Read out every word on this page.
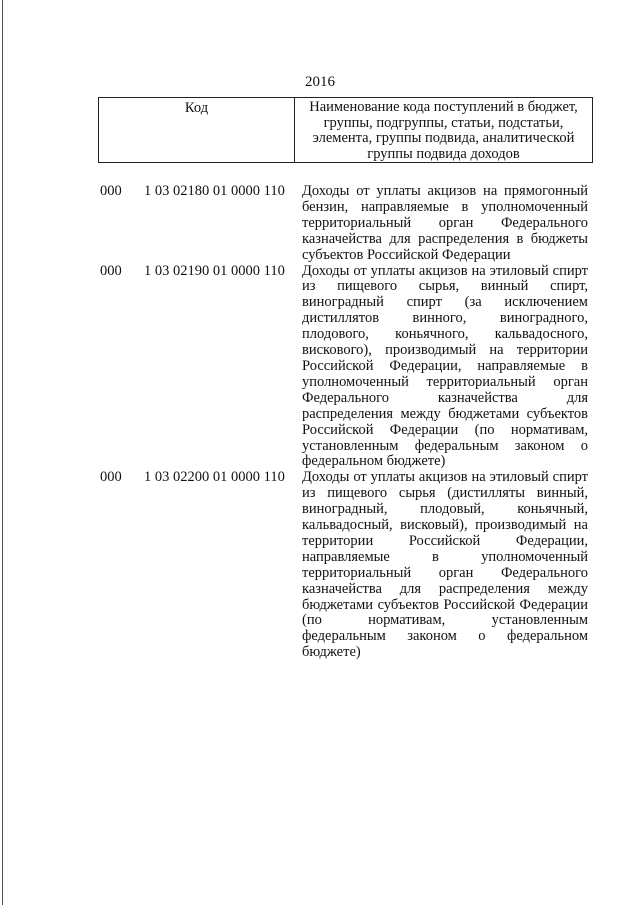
2016
Код	Наименование кода поступлений в бюджет, группы, подгруппы, статьи, подстатьи, элемента, группы подвида, аналитической группы подвида доходов
000	1 03 02180 01 0000 110	Доходы от уплаты акцизов на прямогонный бензин, направляемые в уполномоченный территориальный орган Федерального казначейства для распределения в бюджеты субъектов Российской Федерации
000	1 03 02190 01 0000 110	Доходы от уплаты акцизов на этиловый спирт из пищевого сырья, винный спирт, виноградный спирт (за исключением дистиллятов винного, виноградного, плодового, коньячного, кальвадосного, вискового), производимый на территории Российской Федерации, направляемые в уполномоченный территориальный орган Федерального казначейства для распределения между бюджетами субъектов Российской Федерации (по нормативам, установленным федеральным законом о федеральном бюджете)
000	1 03 02200 01 0000 110	Доходы от уплаты акцизов на этиловый спирт из пищевого сырья (дистилляты винный, виноградный, плодовый, коньячный, кальвадосный, висковый), производимый на территории Российской Федерации, направляемые в уполномоченный территориальный орган Федерального казначейства для распределения между бюджетами субъектов Российской Федерации (по нормативам, установленным федеральным законом о федеральном бюджете)
